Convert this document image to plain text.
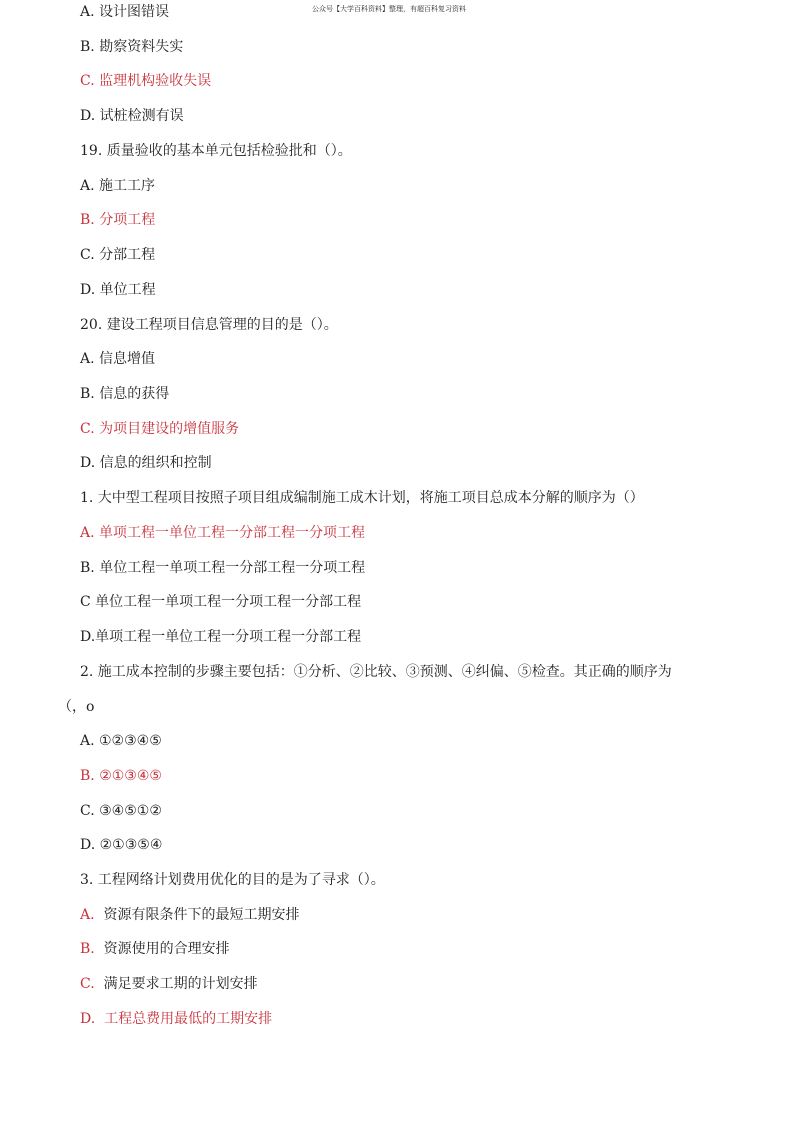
公众号【大学百科资料】整理，有超百科复习资料
A. 设计图错误
B. 勘察资料失实
C. 监理机构验收失误
D. 试桩检测有误
19. 质量验收的基本单元包括检验批和（）。
A. 施工工序
B. 分项工程
C. 分部工程
D. 单位工程
20. 建设工程项目信息管理的目的是（）。
A. 信息增值
B. 信息的获得
C. 为项目建设的增值服务
D. 信息的组织和控制
1. 大中型工程项目按照子项目组成编制施工成木计划，将施工项目总成本分解的顺序为（）
A. 单项工程一单位工程一分部工程一分项工程
B. 单位工程一单项工程一分部工程一分项工程
C 单位工程一单项工程一分项工程一分部工程
D.单项工程一单位工程一分项工程一分部工程
2. 施工成本控制的步骤主要包括：①分析、②比较、③预测、④纠偏、⑤检查。其正确的顺序为
（，o
A. ①②③④⑤
B. ②①③④⑤
C. ③④⑤①②
D. ②①③⑤④
3. 工程网络计划费用优化的目的是为了寻求（）。
A. 资源有限条件下的最短工期安排
B. 资源使用的合理安排
C. 满足要求工期的计划安排
D. 工程总费用最低的工期安排
